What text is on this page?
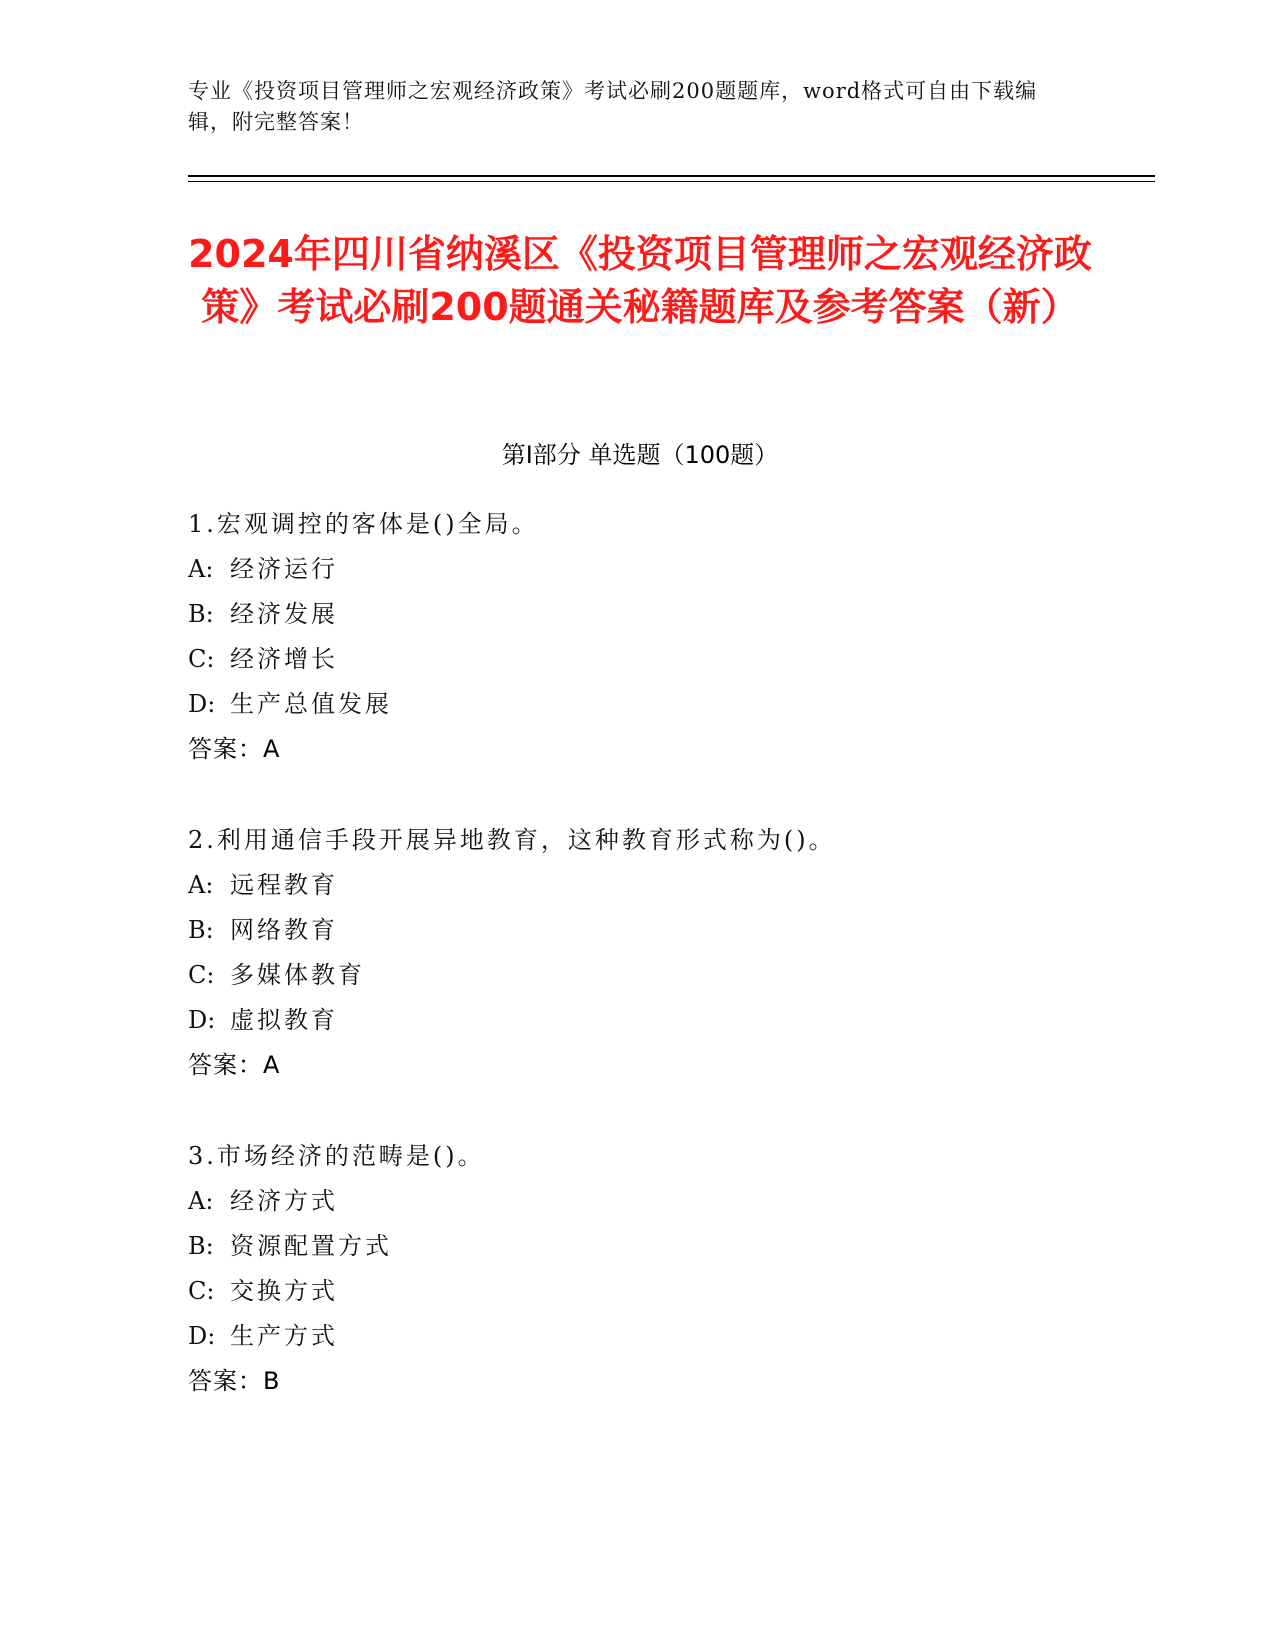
专业《投资项目管理师之宏观经济政策》考试必刷200题题库，word格式可自由下载编辑，附完整答案！
2024年四川省纳溪区《投资项目管理师之宏观经济政策》考试必刷200题通关秘籍题库及参考答案（新）
第I部分 单选题（100题）
1.宏观调控的客体是()全局。
A: 经济运行
B: 经济发展
C: 经济增长
D: 生产总值发展
答案：A
2.利用通信手段开展异地教育，这种教育形式称为()。
A: 远程教育
B: 网络教育
C: 多媒体教育
D: 虚拟教育
答案：A
3.市场经济的范畴是()。
A: 经济方式
B: 资源配置方式
C: 交换方式
D: 生产方式
答案：B
